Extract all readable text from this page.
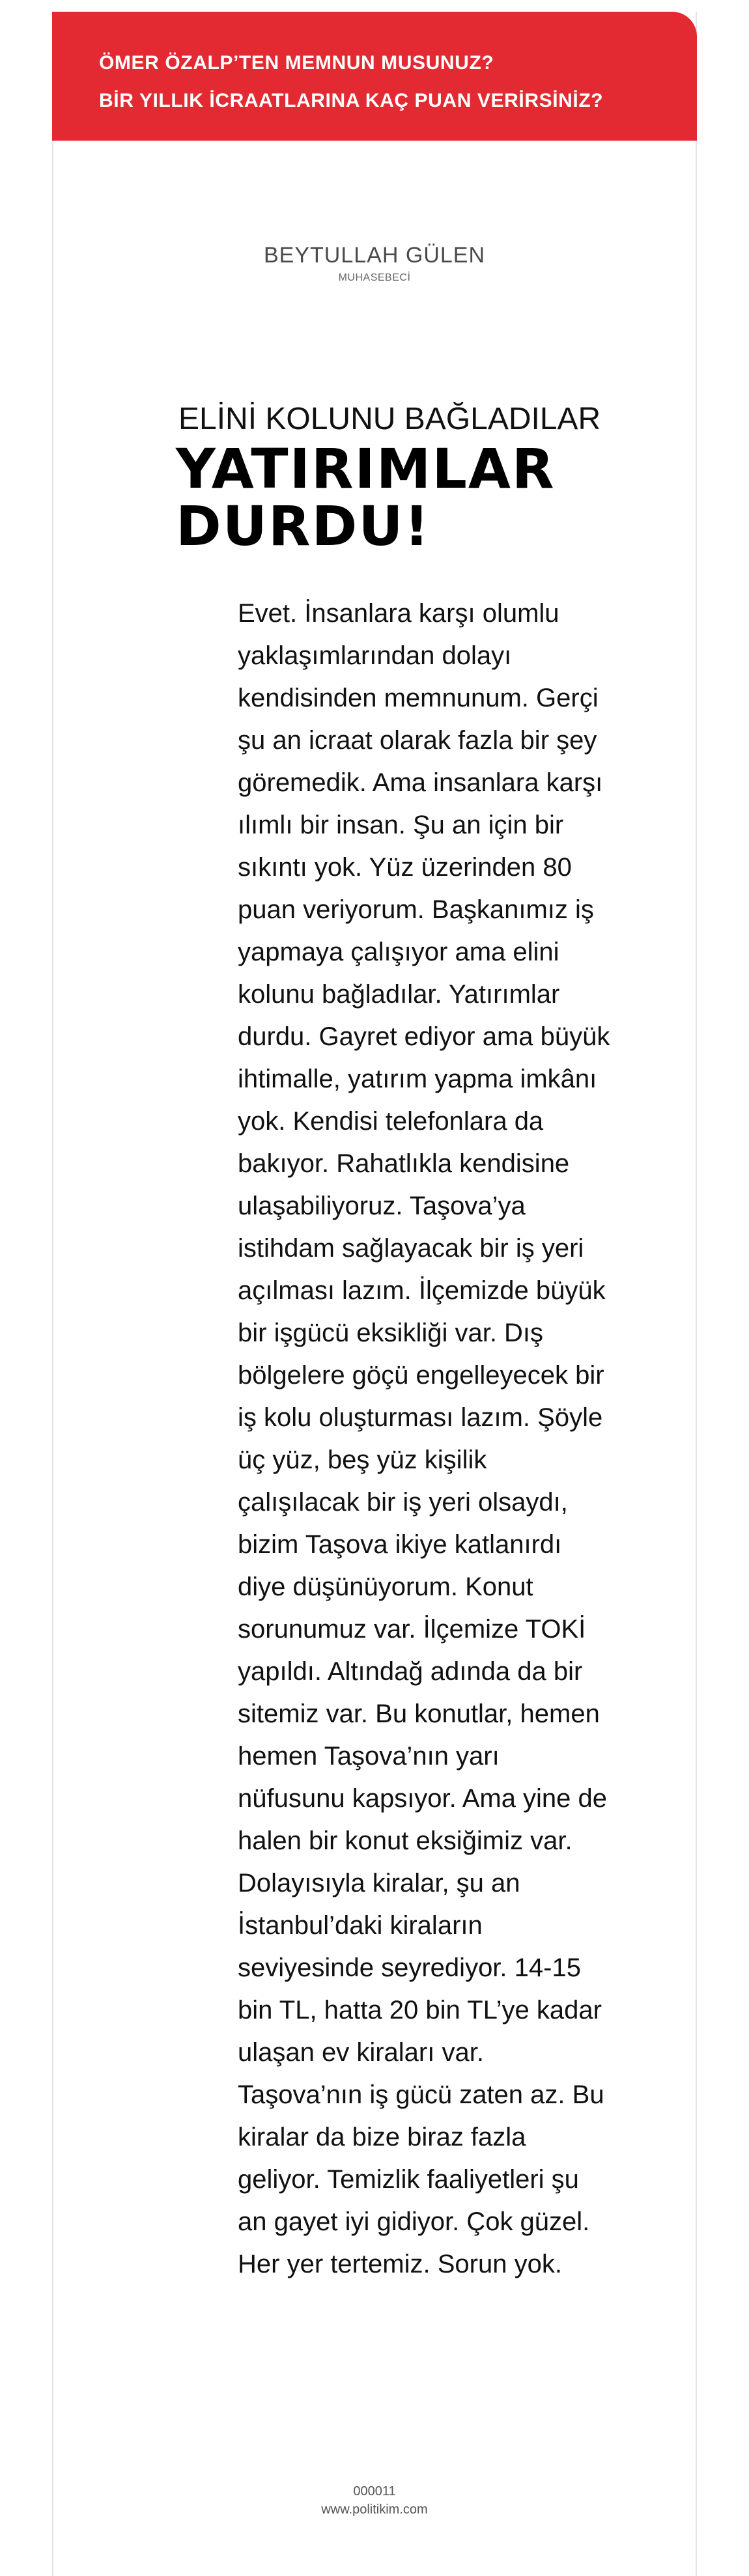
ÖMER ÖZALP’TEN MEMNUN MUSUNUZ?
BİR YILLIK İCRAATLARINA KAÇ PUAN VERİRSİNİZ?
BEYTULLAH GÜLEN
MUHASEBECİ
ELİNİ KOLUNU BAĞLADILAR
YATIRIMLAR
DURDU!
Evet. İnsanlara karşı olumlu
yaklaşımlarından dolayı
kendisinden memnunum. Gerçi
şu an icraat olarak fazla bir şey
göremedik. Ama insanlara karşı
ılımlı bir insan. Şu an için bir
sıkıntı yok. Yüz üzerinden 80
puan veriyorum. Başkanımız iş
yapmaya çalışıyor ama elini
kolunu bağladılar. Yatırımlar
durdu. Gayret ediyor ama büyük
ihtimalle, yatırım yapma imkânı
yok. Kendisi telefonlara da
bakıyor. Rahatlıkla kendisine
ulaşabiliyoruz. Taşova’ya
istihdam sağlayacak bir iş yeri
açılması lazım. İlçemizde büyük
bir işgücü eksikliği var. Dış
bölgelere göçü engelleyecek bir
iş kolu oluşturması lazım. Şöyle
üç yüz, beş yüz kişilik
çalışılacak bir iş yeri olsaydı,
bizim Taşova ikiye katlanırdı
diye düşünüyorum. Konut
sorunumuz var. İlçemize TOKİ
yapıldı. Altındağ adında da bir
sitemiz var. Bu konutlar, hemen
hemen Taşova’nın yarı
nüfusunu kapsıyor. Ama yine de
halen bir konut eksiğimiz var.
Dolayısıyla kiralar, şu an
İstanbul’daki kiraların
seviyesinde seyrediyor. 14-15
bin TL, hatta 20 bin TL’ye kadar
ulaşan ev kiraları var.
Taşova’nın iş gücü zaten az. Bu
kiralar da bize biraz fazla
geliyor. Temizlik faaliyetleri şu
an gayet iyi gidiyor. Çok güzel.
Her yer tertemiz. Sorun yok.
000011
www.politikim.com
